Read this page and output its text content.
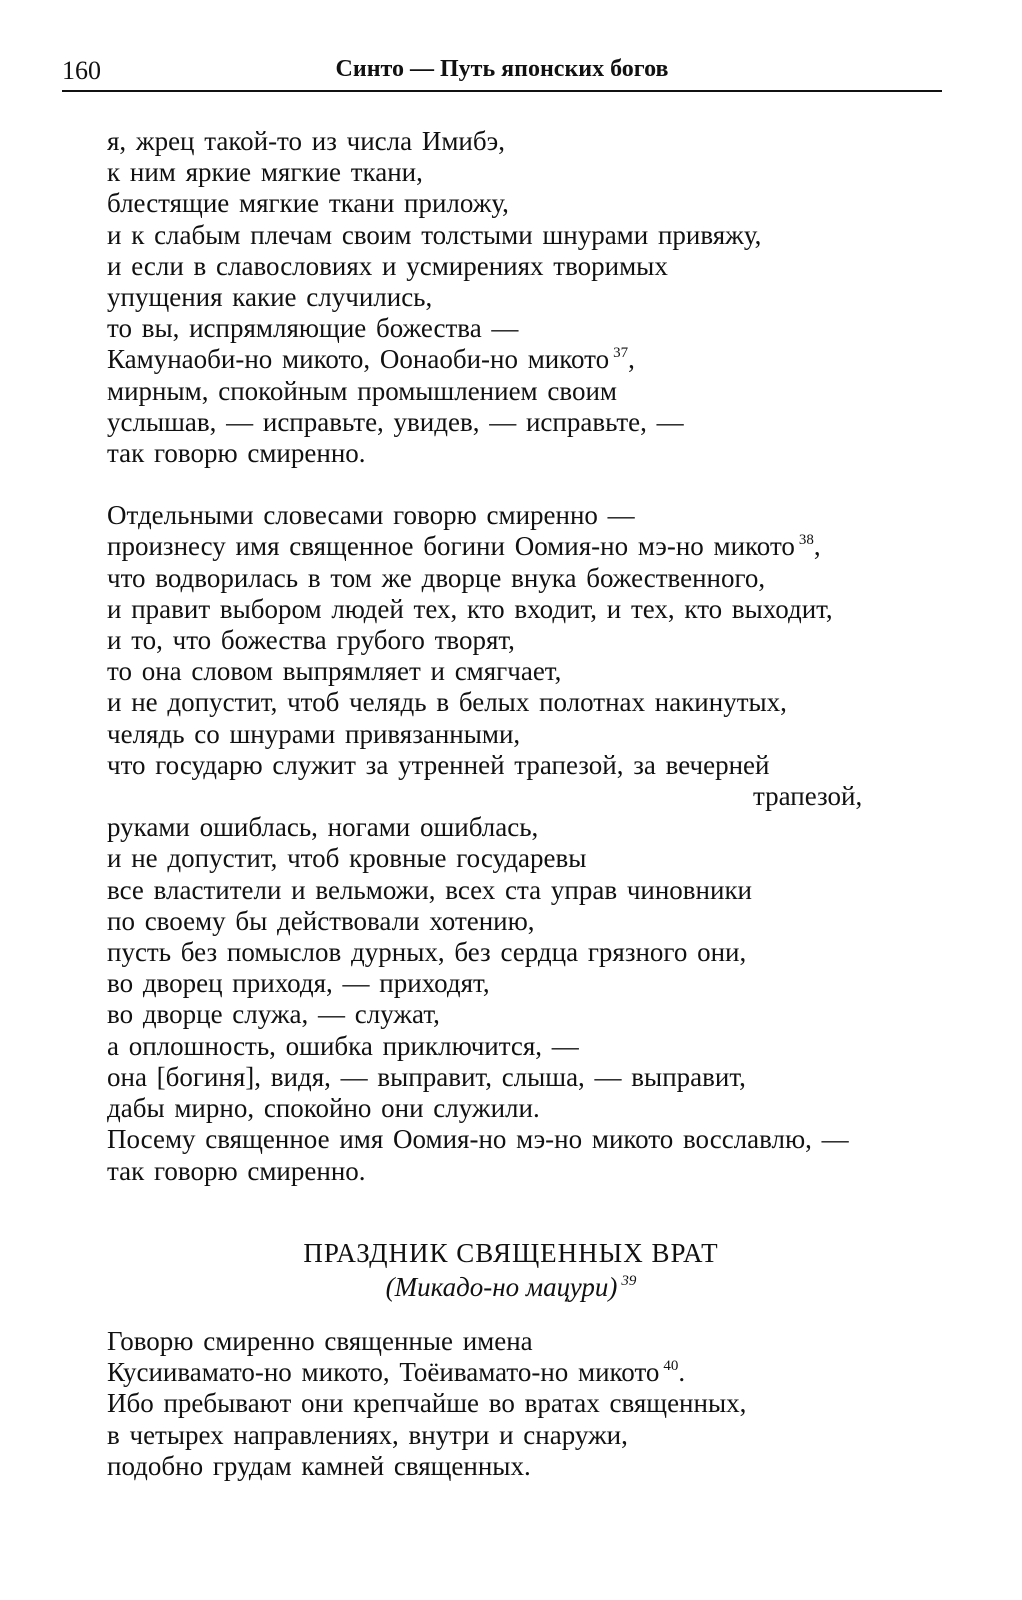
160	Синто — Путь японских богов
я, жрец такой-то из числа Имибэ,
к ним яркие мягкие ткани,
блестящие мягкие ткани приложу,
и к слабым плечам своим толстыми шнурами привяжу,
и если в славословиях и усмирениях творимых
упущения какие случились,
то вы, испрямляющие божества —
Камунаоби-но микото, Оонаоби-но микото $^{37}$,
мирным, спокойным промышлением своим
услышав, — исправьте, увидев, — исправьте, —
так говорю смиренно.
Отдельными словесами говорю смиренно —
произнесу имя священное богини Оомия-но мэ-но микото $^{38}$,
что водворилась в том же дворце внука божественного,
и правит выбором людей тех, кто входит, и тех, кто выходит,
и то, что божества грубого творят,
то она словом выпрямляет и смягчает,
и не допустит, чтоб челядь в белых полотнах накинутых,
челядь со шнурами привязанными,
что государю служит за утренней трапезой, за вечерней
трапезой,
руками ошиблась, ногами ошиблась,
и не допустит, чтоб кровные государевы
все властители и вельможи, всех ста управ чиновники
по своему бы действовали хотению,
пусть без помыслов дурных, без сердца грязного они,
во дворец приходя, — приходят,
во дворце служа, — служат,
а оплошность, ошибка приключится, —
она [богиня], видя, — выправит, слыша, — выправит,
дабы мирно, спокойно они служили.
Посему священное имя Оомия-но мэ-но микото восславлю, —
так говорю смиренно.
ПРАЗДНИК СВЯЩЕННЫХ ВРАТ
(Микадо-но мацури) $^{39}$
Говорю смиренно священные имена
Кусиивамато-но микото, Тоёивамато-но микото $^{40}$.
Ибо пребывают они крепчайше во вратах священных,
в четырех направлениях, внутри и снаружи,
подобно грудам камней священных.
